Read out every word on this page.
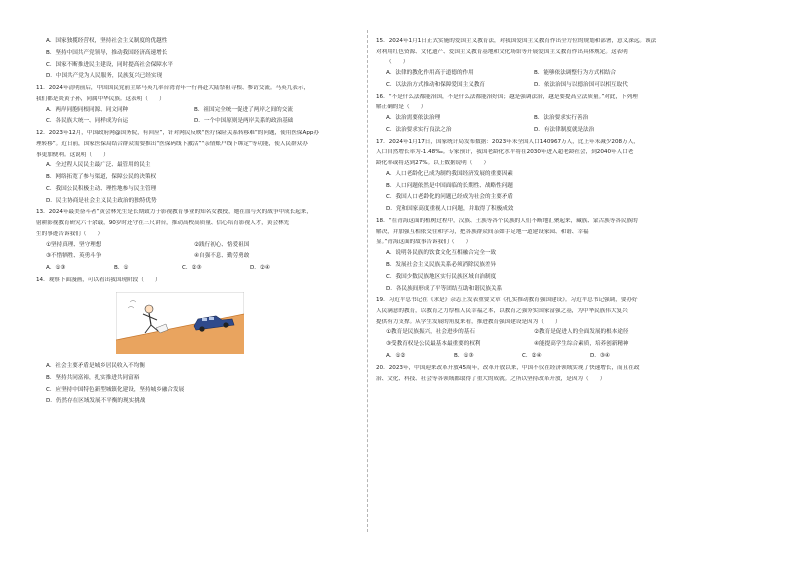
A．国家独揽经营权，坚持社会主义制度的优越性
B．坚持中国共产党领导，推动我国经济高速增长
C．国家不断推进民主建设，同时提高社会保障水平
D．中国共产党为人民服务，民族复兴已经实现
11．2024年清明前后，中国国民党前主席马英九率台湾青年一行再赴大陆祭祖寻根、参访交流。马英九表示，
我们都是炎黄子孙，同属中华民族。这表明（　　）
A．两岸同胞同根同源、同文同种	B．祖国完全统一促进了两岸之间的交流
C．各民族大统一、同样成为台运	D．一个中国原则是两岸关系的政治基础
12．2023年12月，中国政府网@国务院，有回应”，针对网民反映“医疗保险关系转移难”的问题，使用医保App办
理转移”。近日前，国家医保局结合群众需要推出“医保码线下激活”“亲情账户线下绑定”等功能，使人民群众办
事更加便利。这说明（　　）
A．全过程人民民主最广泛、最管用的民主
B．网络拓宽了参与渠道，保障公民的决策权
C．我国公民积极主动、理性地参与民主管理
D．民主协商是社会主义民主政治的独特优势
13．2024年最美奋斗者”黄会林先生是长期致力于影视教育事业的知名女教授，她在血与火的战争中成长起来，
射耕影视教育研究六十余载，90岁时还守在三尺讲台，推动高校高质量、信心培育影视人才，黄会林先
生的事迹告诉我们（　　）
①坚持真理、坚守理想	②践行初心、恪爱祖国
③不惜牺牲、英勇斗争	④自强不息、勤劳勇敢
A．①③	B．①	C．②③	D．②④
14．观察下面漫画，可以看出我国现阶段（　　）
A．社会主要矛盾是城乡居民收入不均衡
B．坚持共同富裕，扎实推进共同富裕
C．应坚持中国特色新型城镇化建设，坚持城乡融合发展
D．仍然存在区域发展不平衡的现实挑战
15．2024年1月1日正式实施的爱国主义教育法，对我国爱国主义教育作出全方位的规划和部署，意义深远。该法
对利用红色资源、文化遗产、爱国主义教育基地和文化场馆等开展爱国主义教育作出具体规定。这表明
（　　）
A．法律的教化作用高于道德的作用	B．能够依法调整行为方式相结合
C．以法治方式推动和保障爱国主义教育	D．依法治国与以德治国可以相互取代
16．“不是什么法都能治国，不是什么法都能治好国；越是强调法治，越是要提高立法质量。”对此，下列理
解正确的是（　　）
A．法治需要依法治理	B．法治要求实行善治
C．法治要求实行良法之治	D．有法律制度就是法治
17．2024年1月17日，国家统计局发布数据：2023年末全国人口140967万人，比上年末减少208万人，
人口自然增长率为-1.48‰。专家预计，我国老龄化水平将在2030年进入超老龄社会，到2040年人口老
龄化率或将达到27%。以上数据说明（　　）
A．人口老龄化已成为制约我国经济发展的重要因素
B．人口问题依然是中国面临的长期性、战略性问题
C．我国人口老龄化的问题已经成为社会的主要矛盾
D．党和国家高度重视人口问题，并取得了积极成效
18．“在青海这面的植树过程中，汉族、土族等各个民族的人们不断地汇聚起来，藏族、蒙古族等各民族的
解决，并加强互相依交往和学习，把各族群众间亲如手足地一道建设家园、和谐、幸福
显。”青海这面的故事告诉我们（　　）
A．说明各民族的饮食文化互相融合完全一致
B．发展社会主义民族关系必须消除民族差异
C．我国少数民族地区实行民族区域自治制度
D．各民族间形成了平等团结互助和谐民族关系
19．习近平总书记在《求是》杂志上发表重要文章《扎实推动教育强国建设》。习近平总书记强调，要办好
人民满意的教育，以教育之力厚植人民幸福之本，以教育之强夯实国家富强之基，为中华民族伟大复兴
提供有力支撑。从学生发展的角度来看，推进教育强国建设是因为（　　）
①教育是民族振兴，社会进步的基石	②教育是促进人的全面发展的根本途径
③受教育权是公民最基本最重要的权利	④能提高学生综合素质，培养创新精神
A．①②	B．①③	C．②④	D．③④
20．2023年，中国迎来改革开放45周年，改革开放以来，中国不仅在经济领域实现了快速增长，而且在政
治、文化、科技、社会等各领域都取得了重大的成就。之所以坚持改革开放，是因为（　　）
